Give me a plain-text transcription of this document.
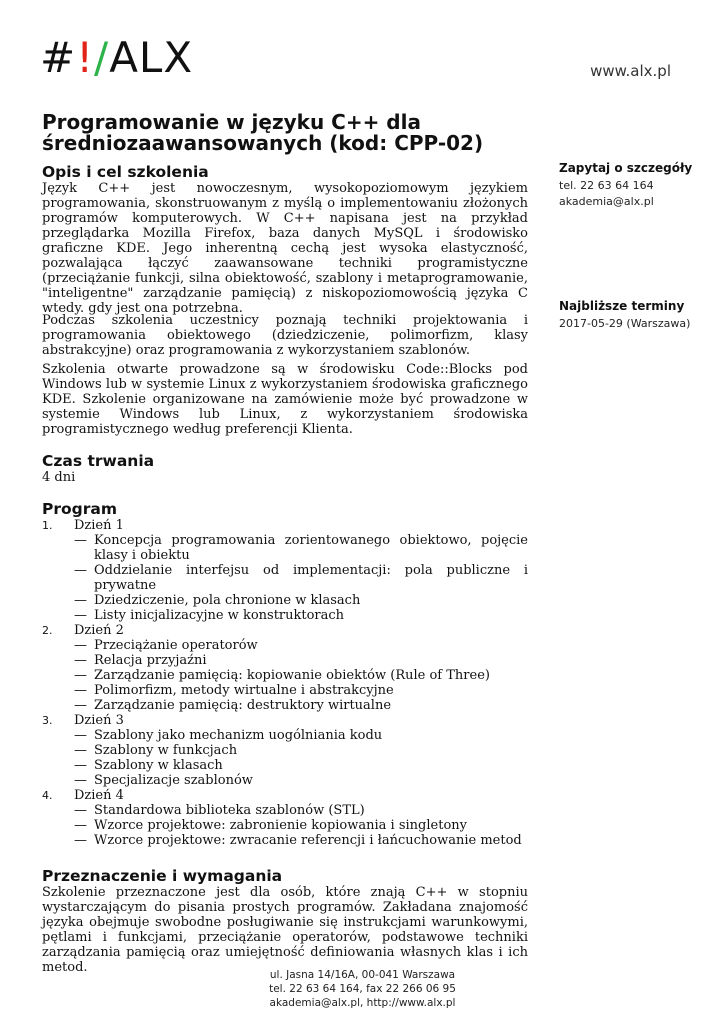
#!/ALX	www.alx.pl
Programowanie w języku C++ dla średniozaawansowanych (kod: CPP-02)
Opis i cel szkolenia

Język C++ jest nowoczesnym, wysokopoziomowym językiem programowania, skonstruowanym z myślą o implementowaniu złożonych programów komputerowych. W C++ napisana jest na przykład przeglądarka Mozilla Firefox, baza danych MySQL i środowisko graficzne KDE. Jego inherentną cechą jest wysoka elastyczność, pozwalająca łączyć zaawansowane techniki programistyczne (przeciążanie funkcji, silna obiektowość, szablony i metaprogramowanie, "inteligentne" zarządzanie pamięcią) z niskopoziomowością języka C wtedy. gdy jest ona potrzebna.

Podczas szkolenia uczestnicy poznają techniki projektowania i programowania obiektowego (dziedziczenie, polimorfizm, klasy abstrakcyjne) oraz programowania z wykorzystaniem szablonów.

Szkolenia otwarte prowadzone są w środowisku Code::Blocks pod Windows lub w systemie Linux z wykorzystaniem środowiska graficznego KDE. Szkolenie organizowane na zamówienie może być prowadzone w systemie Windows lub Linux, z wykorzystaniem środowiska programistycznego według preferencji Klienta.

Czas trwania

4 dni

Program
1. Dzień 1
— Koncepcja programowania zorientowanego obiektowo, pojęcie klasy i obiektu
— Oddzielanie interfejsu od implementacji: pola publiczne i prywatne
— Dziedziczenie, pola chronione w klasach
— Listy inicjalizacyjne w konstruktorach
2. Dzień 2
— Przeciążanie operatorów
— Relacja przyjaźni
— Zarządzanie pamięcią: kopiowanie obiektów (Rule of Three)
— Polimorfizm, metody wirtualne i abstrakcyjne
— Zarządzanie pamięcią: destruktory wirtualne
3. Dzień 3
— Szablony jako mechanizm uogólniania kodu
— Szablony w funkcjach
— Szablony w klasach
— Specjalizacje szablonów
4. Dzień 4
— Standardowa biblioteka szablonów (STL)
— Wzorce projektowe: zabronienie kopiowania i singletony
— Wzorce projektowe: zwracanie referencji i łańcuchowanie metod
Przeznaczenie i wymagania

Szkolenie przeznaczone jest dla osób, które znają C++ w stopniu wystarczającym do pisania prostych programów. Zakładana znajomość języka obejmuje swobodne posługiwanie się instrukcjami warunkowymi, pętlami i funkcjami, przeciążanie operatorów, podstawowe techniki zarządzania pamięcią oraz umiejętność definiowania własnych klas i ich metod.

Zapytaj o szczegóły

tel. 22 63 64 164

akademia@alx.pl

Najbliższe terminy

2017-05-29 (Warszawa)

ul. Jasna 14/16A, 00-041 Warszawa
tel. 22 63 64 164, fax 22 266 06 95
akademia@alx.pl, http://www.alx.pl
